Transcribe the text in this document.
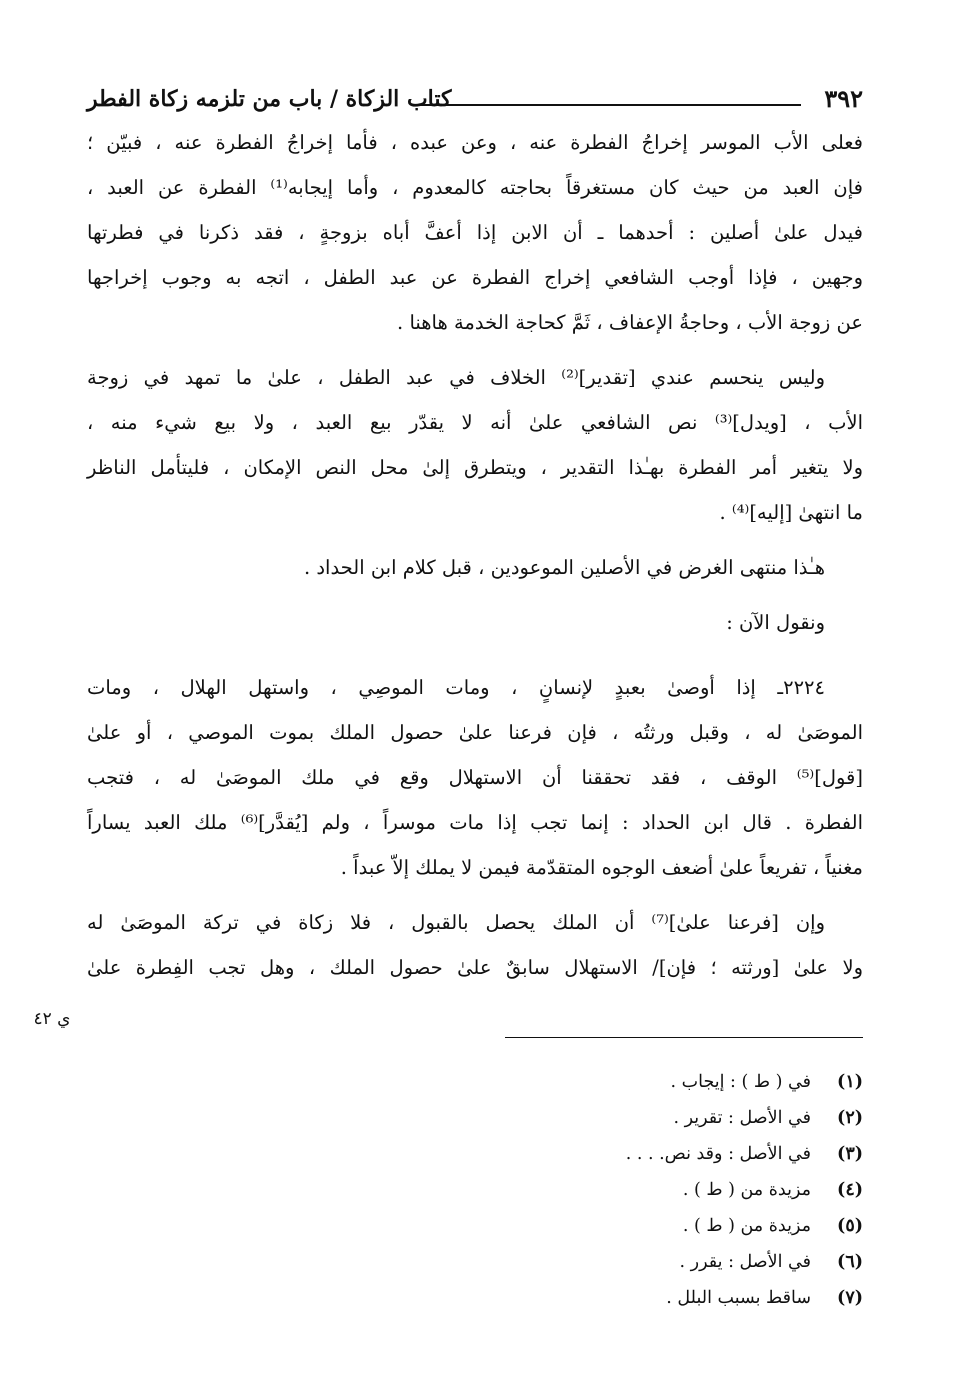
٣٩٢
كتاب الزكاة / باب من تلزمه زكاة الفطر
فعلى الأب الموسر إخراجُ الفطرة عنه ، وعن عبده ، فأما إخراجُ الفطرة عنه ، فبيّن ؛
فإن العبد من حيث كان مستغرقاً بحاجته كالمعدوم ، وأما إيجابه⁽¹⁾ الفطرة عن العبد ،
فيدل علىٰ أصلين : أحدهما ـ أن الابن إذا أعفَّ أباه بزوجةٍ ، فقد ذكرنا في فطرتها
وجهين ، فإذا أوجب الشافعي إخراج الفطرة عن عبد الطفل ، اتجه به وجوب إخراجها
عن زوجة الأب ، وحاجةُ الإعفاف ، ثَمَّ كحاجة الخدمة هاهنا .
وليس ينحسم عندي [تقدير]⁽²⁾ الخلاف في عبد الطفل ، علىٰ ما تمهد في زوجة
الأب ، [ويدل]⁽³⁾ نص الشافعي علىٰ أنه لا يقدّر بيع العبد ، ولا بيع شيء منه ،
ولا يتغير أمر الفطرة بهـٰذا التقدير ، ويتطرق إلىٰ محل النص الإمكان ، فليتأمل الناظر
ما انتهىٰ [إليه]⁽⁴⁾ .
هـٰذا منتهى الغرض في الأصلين الموعودين ، قبل كلام ابن الحداد .
ونقول الآن :
٢٢٢٤ـ إذا أوصىٰ بعبدٍ لإنسانٍ ، ومات الموصِي ، واستهل الهلال ، ومات
الموصَىٰ له ، وقبل ورثتُه ، فإن فرعنا علىٰ حصول الملك بموت الموصي ، أو علىٰ
[قول]⁽⁵⁾ الوقف ، فقد تحققنا أن الاستهلال وقع في ملك الموصَىٰ له ، فتجب
الفطرة . قال ابن الحداد : إنما تجب إذا مات موسراً ، ولم [يُقدَّر]⁽⁶⁾ ملك العبد يساراً
مغنياً ، تفريعاً علىٰ أضعف الوجوه المتقدّمة فيمن لا يملك إلاّ عبداً .
وإن [فرعنا علىٰ]⁽⁷⁾ أن الملك يحصل بالقبول ، فلا زكاة في تركة الموصَىٰ له
ولا علىٰ [ورثته ؛ فإن]/ الاستهلال سابقٌ علىٰ حصول الملك ، وهل تجب الفِطرة علىٰ
ي ٤٢
(١)
في ( ط ) : إيجاب .
(٢)
في الأصل : تقرير .
(٣)
في الأصل : وقد نص. . . .
(٤)
مزيدة من ( ط ) .
(٥)
مزيدة من ( ط ) .
(٦)
في الأصل : يقرر .
(٧)
ساقط بسبب البلل .
